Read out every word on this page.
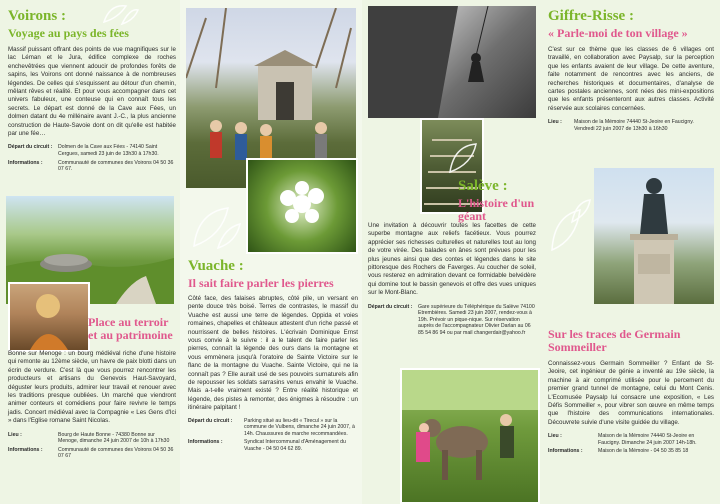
Voirons :
Voyage au pays des fées

Massif puissant offrant des points de vue magnifiques sur le lac Léman et le Jura, édifice complexe de roches enchevêtrées que viennent adoucir de profondes forêts de sapins, les Voirons ont donné naissance à de nombreuses légendes. De celles qui s'esquissent au détour d'un chemin, mêlant rêves et réalité. Et pour vous accompagner dans cet univers fabuleux, une conteuse qui en connaît tous les secrets. Le départ est donné de la Cave aux Fées, un dolmen datant du 4e millénaire avant J.-C., la plus ancienne construction de Haute-Savoie dont on dit qu'elle est habitée par une fée…

Départ du circuit :	Dolmen de la Cave aux Fées - 74140 Saint Cergues, samedi 23 juin de 13h30 à 17h30.
Informations :	Communauté de communes des Voirons 04 50 36 07 67.
Place au terroir et au patrimoine

Bonne sur Menoge : un bourg médiéval riche d'une histoire qui remonte au 12ème siècle, un havre de paix blotti dans un écrin de verdure. C'est là que vous pourrez rencontrer les producteurs et artisans du Genevois Haut-Savoyard, déguster leurs produits, admirer leur travail et renouer avec les traditions presque oubliées. Un marché que viendront animer conteurs et comédiens pour faire revivre le temps jadis. Concert médiéval avec la Compagnie « Les Gens d'Ici » dans l'Eglise romane Saint Nicolas.

Lieu :	Bourg de Haute Bonne - 74380 Bonne sur Menoge, dimanche 24 juin 2007 de 10h à 17h30
Informations :	Communauté de communes des Voirons 04 50 36 07 67
Vuache :
Il sait faire parler les pierres

Côté face, des falaises abruptes, côté pile, un versant en pente douce très boisé. Terres de contrastes, le massif du Vuache est aussi une terre de légendes. Oppida et voies romaines, chapelles et châteaux attestent d'un riche passé et nourrissent de belles histoires. L'écrivain Dominique Ernst vous convie à le suivre : il a le talent de faire parler les pierres, connaît la légende des ours dans la montagne et vous emmènera jusqu'à l'oratoire de Sainte Victoire sur le flanc de la montagne du Vuache. Sainte Victoire, qui ne la connaît pas ? Elle aurait usé de ses pouvoirs surnaturels afin de repousser les soldats sarrasins venus envahir le Vuache. Mais a-t-elle vraiment existé ? Entre réalité historique et légende, des pistes à remonter, des énigmes à résoudre : un itinéraire palpitant !

Départ du circuit :	Parking situé au lieu-dit « Tirecul » sur la commune de Vulbens, dimanche 24 juin 2007, à 14h. Chaussures de marche recommandées.
Informations :	Syndicat Intercommunal d'Aménagement du Vuache - 04 50 04 62 89.
Salève :
L'histoire d'un géant

Une invitation à découvrir toutes les facettes de cette superbe montagne aux reliefs facétieux. Vous pourrez apprécier ses richesses culturelles et naturelles tout au long de votre virée. Des balades en ânes sont prévues pour les plus jeunes ainsi que des contes et légendes dans le site pittoresque des Rochers de Faverges. Au coucher de soleil, vous resterez en admiration devant ce formidable belvédère qui domine tout le bassin genevois et offre des vues uniques sur le Mont-Blanc.

Départ du circuit :	Gare supérieure du Téléphérique du Salève 74100 Etrembières. Samedi 23 juin 2007, rendez-vous à 19h. Prévoir un pique-nique. Sur réservation auprès de l'accompagnateur Olivier Darlan au 06 85 54 86 94 ou par mail changerdair@yahoo.fr
Giffre-Risse :
« Parle-moi de ton village »

C'est sur ce thème que les classes de 6 villages ont travaillé, en collaboration avec Paysalp, sur la perception que les enfants avaient de leur village. De cette aventure, faite notamment de rencontres avec les anciens, de recherches historiques et documentaires, d'analyse de cartes postales anciennes, sont nées des mini-expositions que les enfants présenteront aux autres classes. Activité réservée aux scolaires concernées.

Lieu :	Maison de la Mémoire 74440 St-Jeoire en Faucigny. Vendredi 22 juin 2007 de 13h30 à 16h30
Sur les traces de Germain Sommeiller

Connaissez-vous Germain Sommeiller ? Enfant de St-Jeoire, cet ingénieur de génie a inventé au 19e siècle, la machine à air comprimé utilisée pour le percement du premier grand tunnel de montagne, celui du Mont Cenis. L'Ecomusée Paysalp lui consacre une exposition, « Les Défis Sommeiller », pour vibrer son œuvre en même temps que l'histoire des communications internationales. Découvrete suivie d'une visite guidée du village.

Lieu :	Maison de la Mémoire 74440 St-Jeoire en Faucigny. Dimanche 24 juin 2007 14h-18h.
Informations :	Maison de la Mémoire - 04 50 35 85 18
